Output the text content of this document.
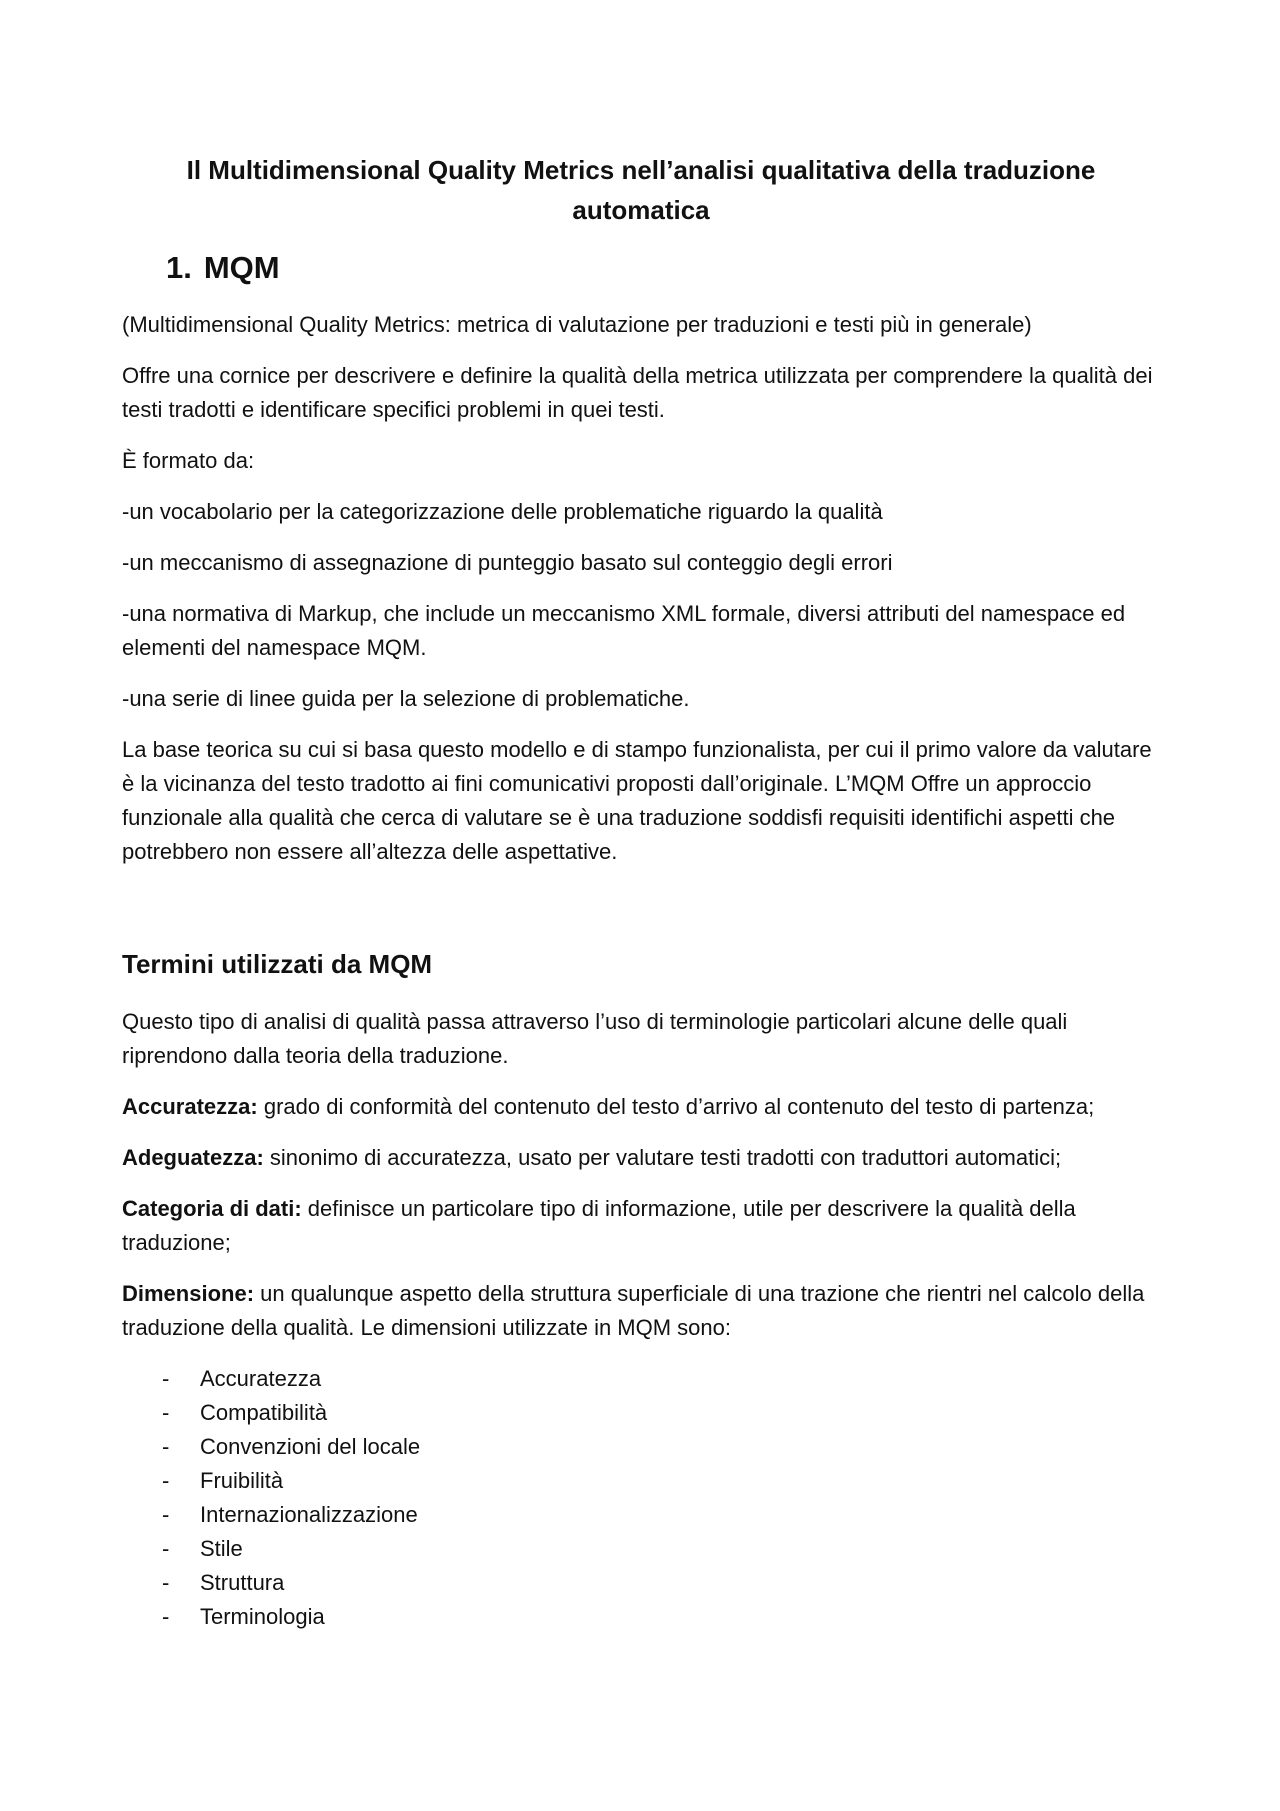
Il Multidimensional Quality Metrics nell’analisi qualitativa della traduzione automatica
1. MQM

(Multidimensional Quality Metrics: metrica di valutazione per traduzioni e testi più in generale)

Offre una cornice per descrivere e definire la qualità della metrica utilizzata per comprendere la qualità dei testi tradotti e identificare specifici problemi in quei testi.

È formato da:

-un vocabolario per la categorizzazione delle problematiche riguardo la qualità

-un meccanismo di assegnazione di punteggio basato sul conteggio degli errori

-una normativa di Markup, che include un meccanismo XML formale, diversi attributi del namespace ed elementi del namespace MQM.

-una serie di linee guida per la selezione di problematiche.

La base teorica su cui si basa questo modello e di stampo funzionalista, per cui il primo valore da valutare è la vicinanza del testo tradotto ai fini comunicativi proposti dall’originale. L’MQM Offre un approccio funzionale alla qualità che cerca di valutare se è una traduzione soddisfi requisiti identifichi aspetti che potrebbero non essere all’altezza delle aspettative.

Termini utilizzati da MQM

Questo tipo di analisi di qualità passa attraverso l’uso di terminologie particolari alcune delle quali riprendono dalla teoria della traduzione.

Accuratezza: grado di conformità del contenuto del testo d’arrivo al contenuto del testo di partenza;

Adeguatezza: sinonimo di accuratezza, usato per valutare testi tradotti con traduttori automatici;

Categoria di dati: definisce un particolare tipo di informazione, utile per descrivere la qualità della traduzione;

Dimensione: un qualunque aspetto della struttura superficiale di una trazione che rientri nel calcolo della traduzione della qualità. Le dimensioni utilizzate in MQM sono:

-	Accuratezza
-	Compatibilità
-	Convenzioni del locale
-	Fruibilità
-	Internazionalizzazione
-	Stile
-	Struttura
-	Terminologia
